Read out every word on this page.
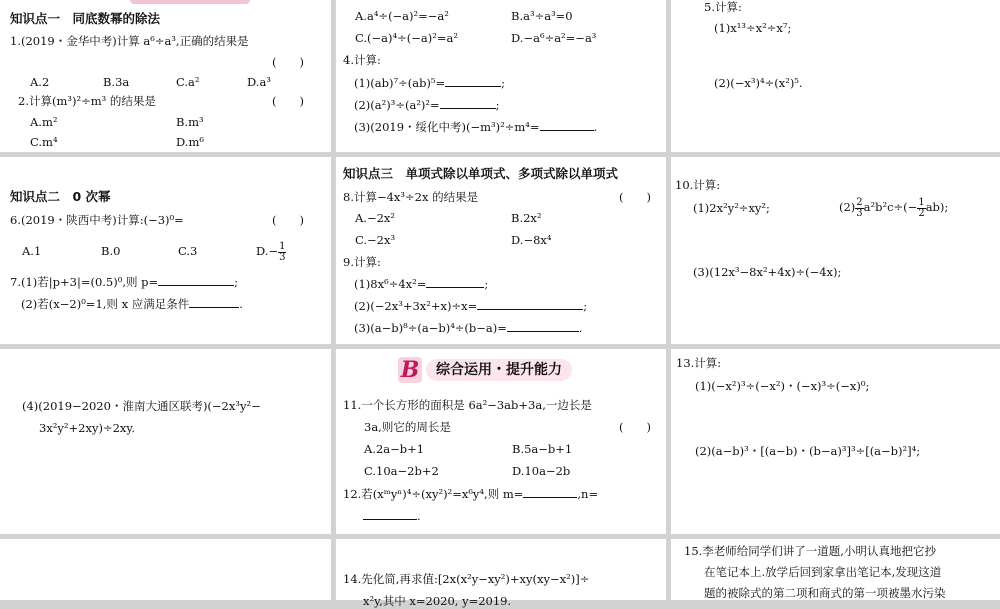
知识点一　同底数幂的除法
1.(2019・金华中考)计算 a⁶÷a³,正确的结果是
(　　)
A.2	B.3a	C.a²	D.a³
2.计算(m³)²÷m³ 的结果是	(　　)
A.m²	B.m³
C.m⁴	D.m⁶
A.a⁴÷(−a)²=−a²	B.a³÷a³=0
C.(−a)⁴÷(−a)²=a²	D.−a⁶÷a²=−a³
4.计算:
(1)(ab)⁷÷(ab)⁵=	;
(2)(a²)³÷(a²)²=	;
(3)(2019・绥化中考)(−m³)²÷m⁴=	.
5.计算:
(1)x¹³÷x²÷x⁷;
(2)(−x³)⁴÷(x²)⁵.
知识点二　0 次幂
6.(2019・陕西中考)计算:(−3)⁰=	(　　)
A.1	B.0	C.3	$D.- \frac{1}{3}$
7.(1)若|p+3|=(0.5)⁰,则 p=	;
(2)若(x−2)⁰=1,则 x 应满足条件	.
知识点三　单项式除以单项式、多项式除以单项式
8.计算−4x³÷2x 的结果是	(　　)
A.−2x²	B.2x²
C.−2x³	D.−8x⁴
9.计算:
(1)8x⁶÷4x²=	;
(2)(−2x³+3x²+x)÷x=	;
(3)(a−b)⁸÷(a−b)⁴÷(b−a)=	.
10.计算:
(1)2x²y²÷xy²;	$(2) \frac{2}{3} a^2b^2c\div(- \frac{1}{2} ab)$;
(3)(12x³−8x²+4x)÷(−4x);
(4)(2019−2020・淮南大通区联考)(−2x³y²−
3x²y²+2xy)÷2xy.
11.一个长方形的面积是 6a²−3ab+3a,一边长是
3a,则它的周长是	(　　)
A.2a−b+1	B.5a−b+1
C.10a−2b+2	D.10a−2b
12.若(xᵐyⁿ)⁴÷(xy²)²=x⁶y⁴,则 m=	,n=
.
B	综合运用・提升能力	13.计算:
(1)(−x²)³÷(−x²)・(−x)³÷(−x)⁰;
(2)(a−b)³・[(a−b)・(b−a)³]³÷[(a−b)²]⁴;
14.先化简,再求值:[2x(x²y−xy²)+xy(xy−x²)]÷
x²y,其中 x=2020, y=2019.
15.李老师给同学们讲了一道题,小明认真地把它抄
在笔记本上.放学后回到家拿出笔记本,发现这道
题的被除式的第二项和商式的第一项被墨水污染
